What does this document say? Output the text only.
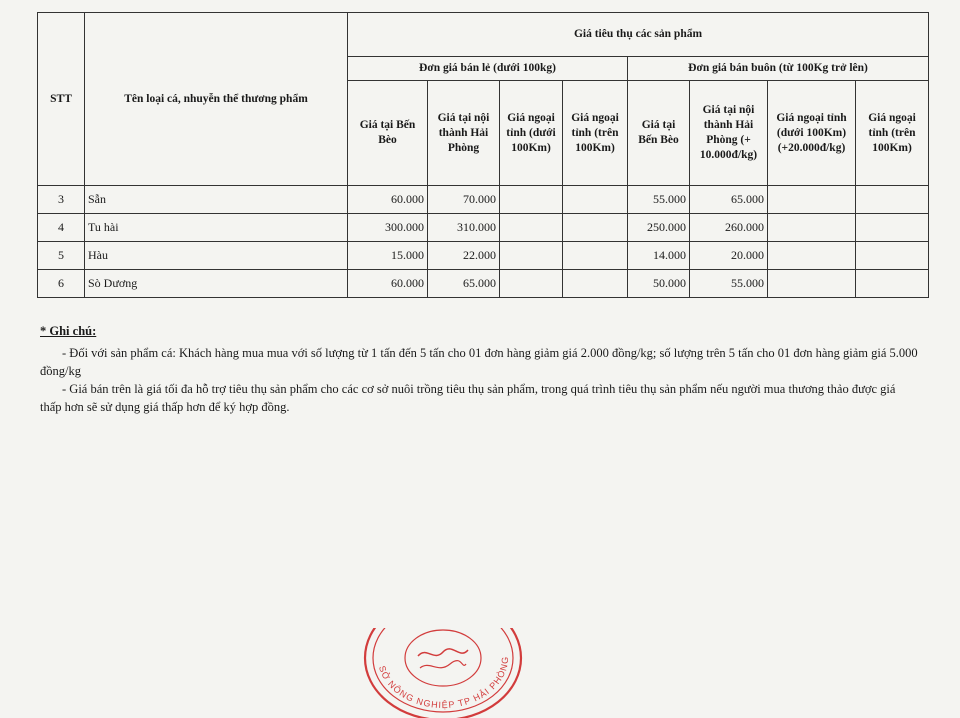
STT	Tên loại cá, nhuyễn thể thương phẩm	Giá tiêu thụ các sản phẩm							
		Đơn giá bán lẻ (dưới 100kg)				Đơn giá bán buôn (từ 100Kg trở lên)			
		Giá tại Bến Bèo	Giá tại nội thành Hải Phòng	Giá ngoại tỉnh (dưới 100Km)	Giá ngoại tỉnh (trên 100Km)	Giá tại Bến Bèo	Giá tại nội thành Hải Phòng (+ 10.000đ/kg)	Giá ngoại tỉnh (dưới 100Km) (+20.000đ/kg)	Giá ngoại tỉnh (trên 100Km)
3	Sẫn	60.000	70.000			55.000	65.000		
4	Tu hài	300.000	310.000			250.000	260.000		
5	Hàu	15.000	22.000			14.000	20.000		
6	Sò Dương	60.000	65.000			50.000	55.000		
* Ghi chú:

- Đối với sản phẩm cá: Khách hàng mua mua với số lượng từ 1 tấn đến 5 tấn cho 01 đơn hàng giảm giá 2.000 đồng/kg; số lượng trên 5 tấn cho 01 đơn hàng giảm giá 5.000 đồng/kg

- Giá bán trên là giá tối đa hỗ trợ tiêu thụ sản phẩm cho các cơ sở nuôi trồng tiêu thụ sản phẩm, trong quá trình tiêu thụ sản phẩm nếu người mua thương thảo được giá thấp hơn sẽ sử dụng giá thấp hơn để ký hợp đồng.

SỞ NÔNG NGHIỆP TP HẢI PHÒNG
